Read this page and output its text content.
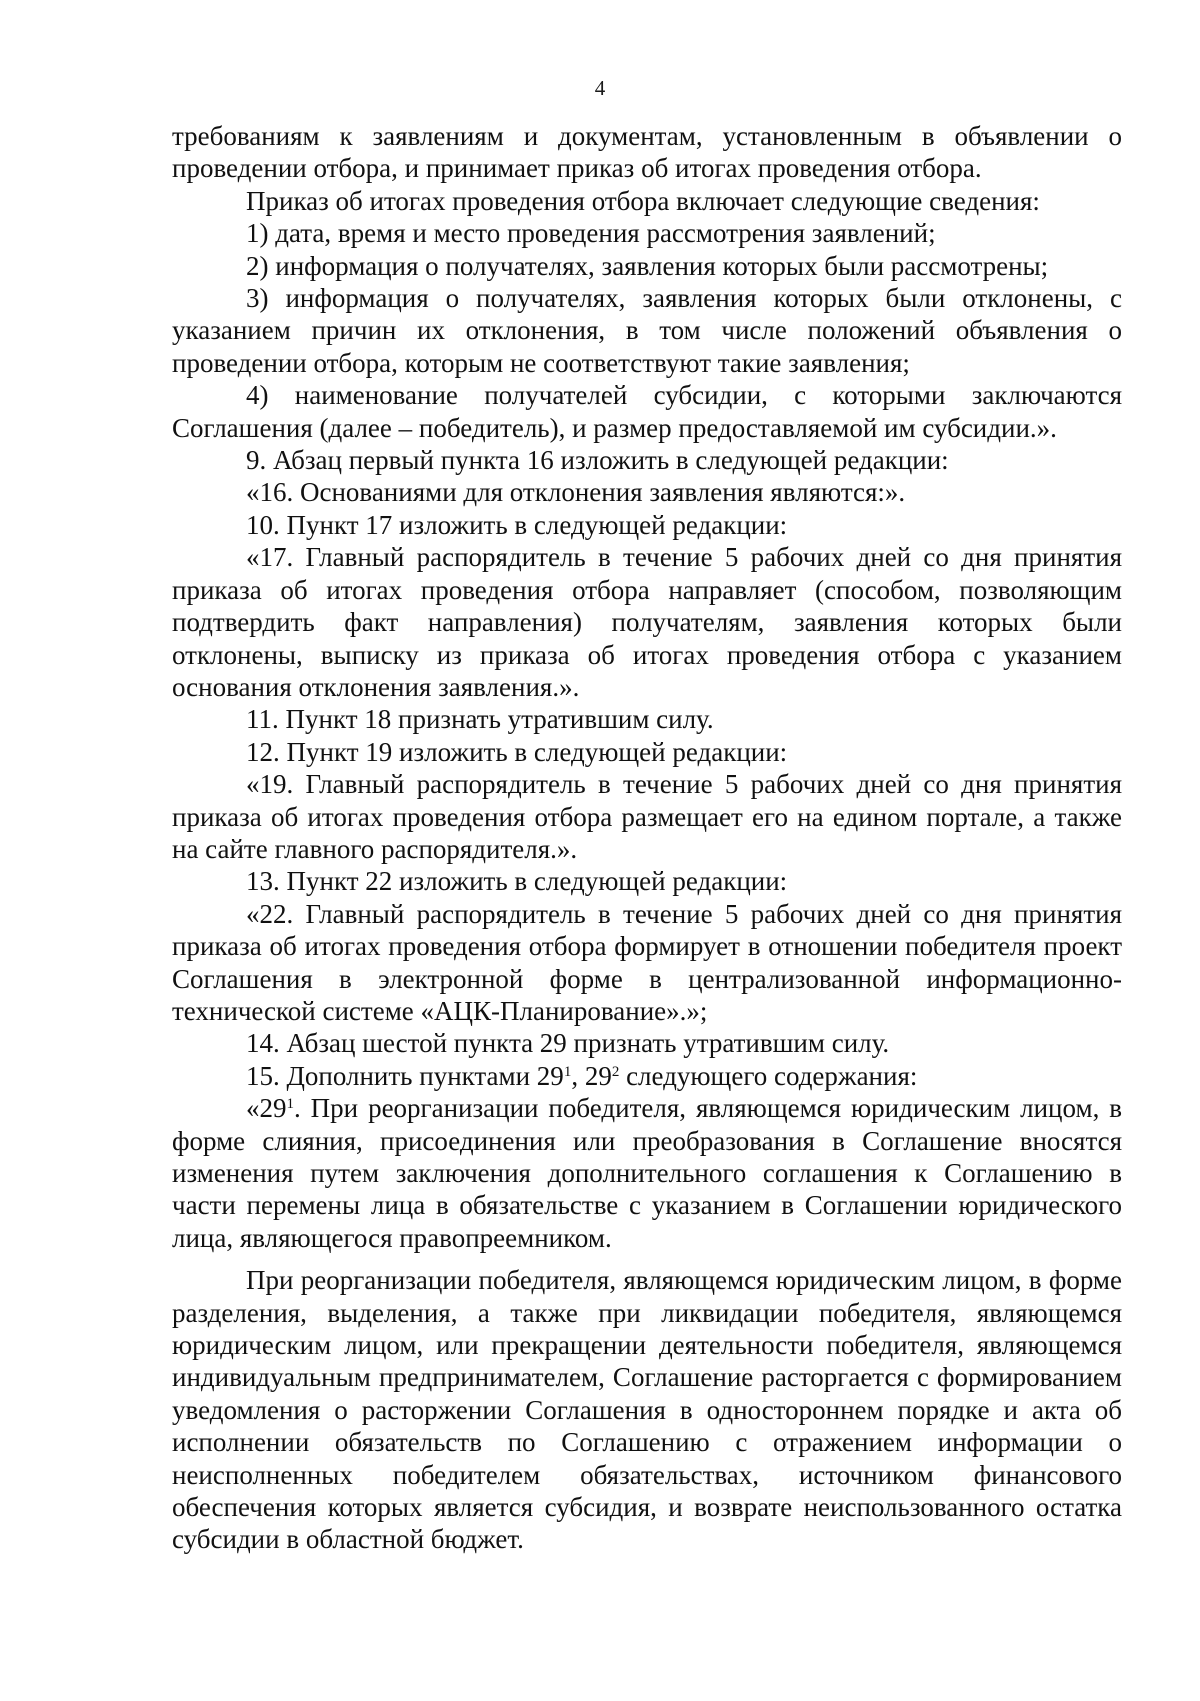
4

требованиям к заявлениям и документам, установленным в объявлении о проведении отбора, и принимает приказ об итогах проведения отбора.

Приказ об итогах проведения отбора включает следующие сведения:

1) дата, время и место проведения рассмотрения заявлений;

2) информация о получателях, заявления которых были рассмотрены;

3) информация о получателях, заявления которых были отклонены, с указанием причин их отклонения, в том числе положений объявления о проведении отбора, которым не соответствуют такие заявления;

4) наименование получателей субсидии, с которыми заключаются Соглашения (далее – победитель), и размер предоставляемой им субсидии.».

9. Абзац первый пункта 16 изложить в следующей редакции:

«16. Основаниями для отклонения заявления являются:».

10. Пункт 17 изложить в следующей редакции:

«17. Главный распорядитель в течение 5 рабочих дней со дня принятия приказа об итогах проведения отбора направляет (способом, позволяющим подтвердить факт направления) получателям, заявления которых были отклонены, выписку из приказа об итогах проведения отбора с указанием основания отклонения заявления.».

11. Пункт 18 признать утратившим силу.

12. Пункт 19 изложить в следующей редакции:

«19. Главный распорядитель в течение 5 рабочих дней со дня принятия приказа об итогах проведения отбора размещает его на едином портале, а также на сайте главного распорядителя.».

13. Пункт 22 изложить в следующей редакции:

«22. Главный распорядитель в течение 5 рабочих дней со дня принятия приказа об итогах проведения отбора формирует в отношении победителя проект Соглашения в электронной форме в централизованной информационно-технической системе «АЦК-Планирование».»;

14. Абзац шестой пункта 29 признать утратившим силу.

15. Дополнить пунктами $29^1$, $29^2$ следующего содержания:

«$29^1$. При реорганизации победителя, являющемся юридическим лицом, в форме слияния, присоединения или преобразования в Соглашение вносятся изменения путем заключения дополнительного соглашения к Соглашению в части перемены лица в обязательстве с указанием в Соглашении юридического лица, являющегося правопреемником.

При реорганизации победителя, являющемся юридическим лицом, в форме разделения, выделения, а также при ликвидации победителя, являющемся юридическим лицом, или прекращении деятельности победителя, являющемся индивидуальным предпринимателем, Соглашение расторгается с формированием уведомления о расторжении Соглашения в одностороннем порядке и акта об исполнении обязательств по Соглашению с отражением информации о неисполненных победителем обязательствах, источником финансового обеспечения которых является субсидия, и возврате неиспользованного остатка субсидии в областной бюджет.
